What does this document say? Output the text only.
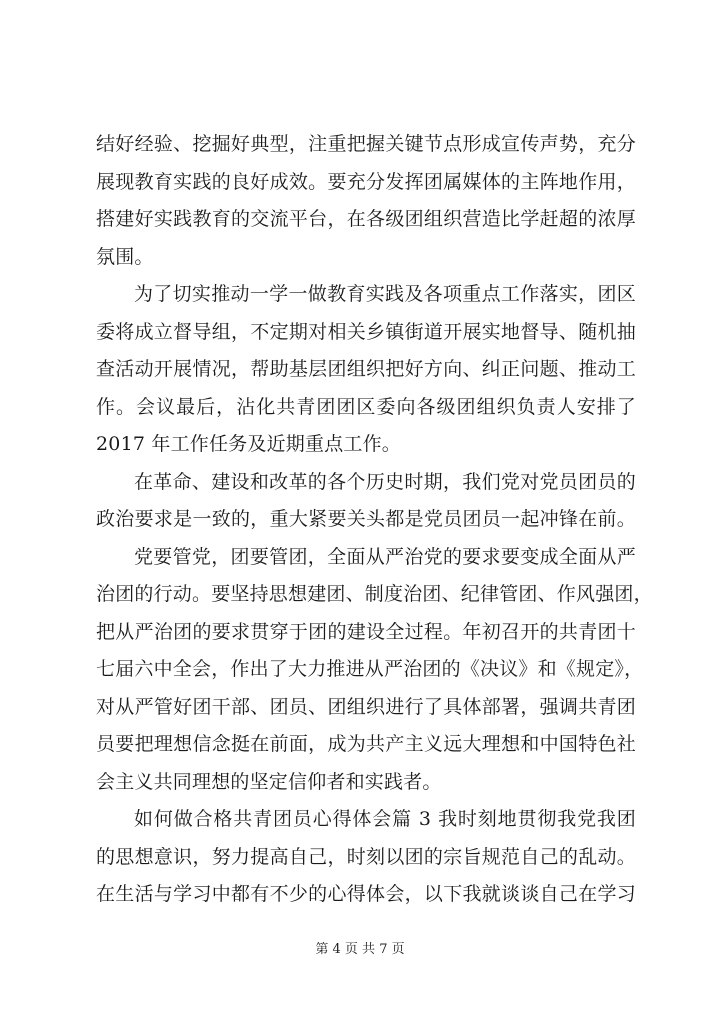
结好经验、挖掘好典型，注重把握关键节点形成宣传声势，充分
展现教育实践的良好成效。要充分发挥团属媒体的主阵地作用，
搭建好实践教育的交流平台，在各级团组织营造比学赶超的浓厚
氛围。
为了切实推动一学一做教育实践及各项重点工作落实，团区
委将成立督导组，不定期对相关乡镇街道开展实地督导、随机抽
查活动开展情况，帮助基层团组织把好方向、纠正问题、推动工
作。会议最后，沾化共青团团区委向各级团组织负责人安排了
2017 年工作任务及近期重点工作。
在革命、建设和改革的各个历史时期，我们党对党员团员的
政治要求是一致的，重大紧要关头都是党员团员一起冲锋在前。
党要管党，团要管团，全面从严治党的要求要变成全面从严
治团的行动。要坚持思想建团、制度治团、纪律管团、作风强团，
把从严治团的要求贯穿于团的建设全过程。年初召开的共青团十
七届六中全会，作出了大力推进从严治团的《决议》和《规定》，
对从严管好团干部、团员、团组织进行了具体部署，强调共青团
员要把理想信念挺在前面，成为共产主义远大理想和中国特色社
会主义共同理想的坚定信仰者和实践者。
如何做合格共青团员心得体会篇 3 我时刻地贯彻我党我团
的思想意识，努力提高自己，时刻以团的宗旨规范自己的乱动。
在生活与学习中都有不少的心得体会，以下我就谈谈自己在学习
第 4 页 共 7 页
